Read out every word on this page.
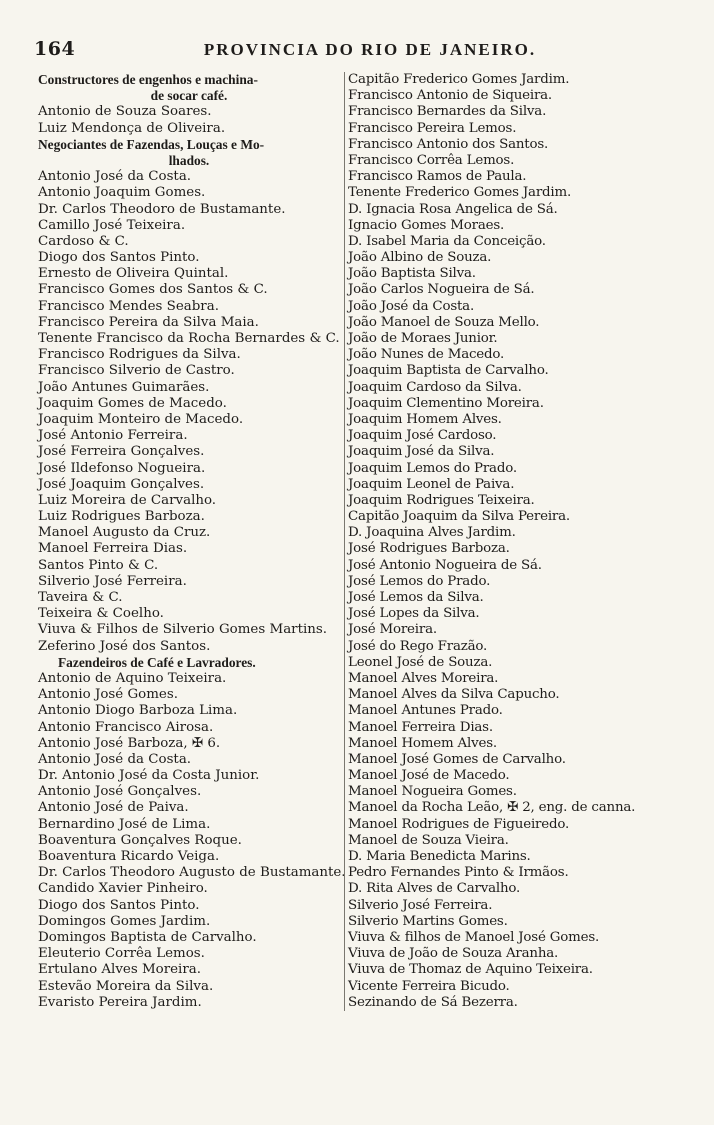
164	PROVINCIA DO RIO DE JANEIRO.
Constructores de engenhos e machina-
de socar café.
Antonio de Souza Soares.
Luiz Mendonça de Oliveira.
Negociantes de Fazendas, Louças e Mo-
lhados.
Antonio José da Costa.
Antonio Joaquim Gomes.
Dr. Carlos Theodoro de Bustamante.
Camillo José Teixeira.
Cardoso & C.
Diogo dos Santos Pinto.
Ernesto de Oliveira Quintal.
Francisco Gomes dos Santos & C.
Francisco Mendes Seabra.
Francisco Pereira da Silva Maia.
Tenente Francisco da Rocha Bernardes & C.
Francisco Rodrigues da Silva.
Francisco Silverio de Castro.
João Antunes Guimarães.
Joaquim Gomes de Macedo.
Joaquim Monteiro de Macedo.
José Antonio Ferreira.
José Ferreira Gonçalves.
José Ildefonso Nogueira.
José Joaquim Gonçalves.
Luiz Moreira de Carvalho.
Luiz Rodrigues Barboza.
Manoel Augusto da Cruz.
Manoel Ferreira Dias.
Santos Pinto & C.
Silverio José Ferreira.
Taveira & C.
Teixeira & Coelho.
Viuva & Filhos de Silverio Gomes Martins.
Zeferino José dos Santos.
Fazendeiros de Café e Lavradores.
Antonio de Aquino Teixeira.
Antonio José Gomes.
Antonio Diogo Barboza Lima.
Antonio Francisco Airosa.
Antonio José Barboza, ✠ 6.
Antonio José da Costa.
Dr. Antonio José da Costa Junior.
Antonio José Gonçalves.
Antonio José de Paiva.
Bernardino José de Lima.
Boaventura Gonçalves Roque.
Boaventura Ricardo Veiga.
Dr. Carlos Theodoro Augusto de Bustamante.
Candido Xavier Pinheiro.
Diogo dos Santos Pinto.
Domingos Gomes Jardim.
Domingos Baptista de Carvalho.
Eleuterio Corrêa Lemos.
Ertulano Alves Moreira.
Estevão Moreira da Silva.
Evaristo Pereira Jardim.
Capitão Frederico Gomes Jardim.
Francisco Antonio de Siqueira.
Francisco Bernardes da Silva.
Francisco Pereira Lemos.
Francisco Antonio dos Santos.
Francisco Corrêa Lemos.
Francisco Ramos de Paula.
Tenente Frederico Gomes Jardim.
D. Ignacia Rosa Angelica de Sá.
Ignacio Gomes Moraes.
D. Isabel Maria da Conceição.
João Albino de Souza.
João Baptista Silva.
João Carlos Nogueira de Sá.
João José da Costa.
João Manoel de Souza Mello.
João de Moraes Junior.
João Nunes de Macedo.
Joaquim Baptista de Carvalho.
Joaquim Cardoso da Silva.
Joaquim Clementino Moreira.
Joaquim Homem Alves.
Joaquim José Cardoso.
Joaquim José da Silva.
Joaquim Lemos do Prado.
Joaquim Leonel de Paiva.
Joaquim Rodrigues Teixeira.
Capitão Joaquim da Silva Pereira.
D. Joaquina Alves Jardim.
José Rodrigues Barboza.
José Antonio Nogueira de Sá.
José Lemos do Prado.
José Lemos da Silva.
José Lopes da Silva.
José Moreira.
José do Rego Frazão.
Leonel José de Souza.
Manoel Alves Moreira.
Manoel Alves da Silva Capucho.
Manoel Antunes Prado.
Manoel Ferreira Dias.
Manoel Homem Alves.
Manoel José Gomes de Carvalho.
Manoel José de Macedo.
Manoel Nogueira Gomes.
Manoel da Rocha Leão, ✠ 2, eng. de canna.
Manoel Rodrigues de Figueiredo.
Manoel de Souza Vieira.
D. Maria Benedicta Marins.
Pedro Fernandes Pinto & Irmãos.
D. Rita Alves de Carvalho.
Silverio José Ferreira.
Silverio Martins Gomes.
Viuva & filhos de Manoel José Gomes.
Viuva de João de Souza Aranha.
Viuva de Thomaz de Aquino Teixeira.
Vicente Ferreira Bicudo.
Sezinando de Sá Bezerra.
